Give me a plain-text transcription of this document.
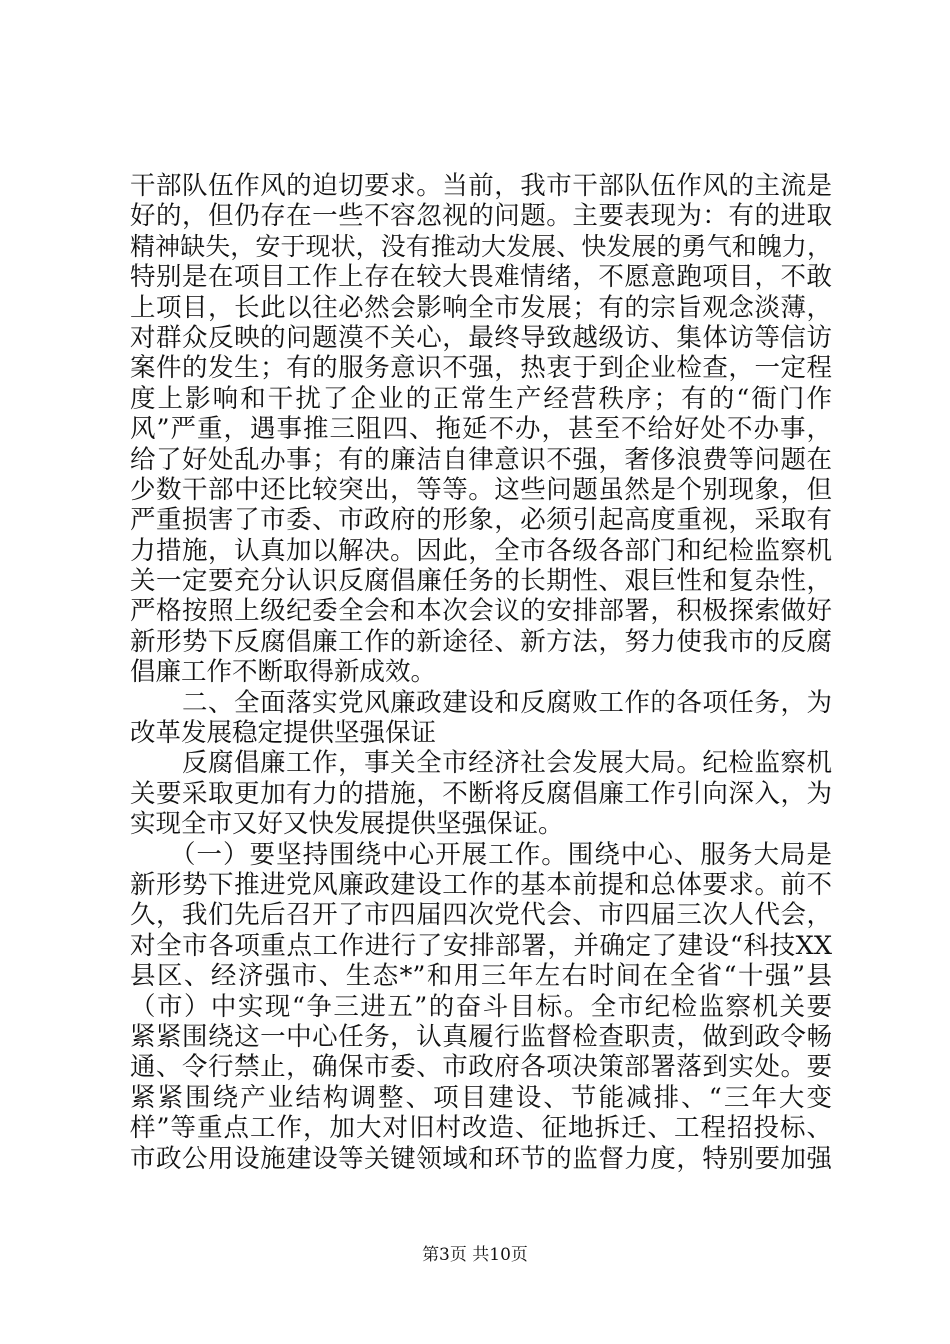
干部队伍作风的迫切要求。当前，我市干部队伍作风的主流是
好的，但仍存在一些不容忽视的问题。主要表现为：有的进取
精神缺失，安于现状，没有推动大发展、快发展的勇气和魄力，
特别是在项目工作上存在较大畏难情绪，不愿意跑项目，不敢
上项目，长此以往必然会影响全市发展；有的宗旨观念淡薄，
对群众反映的问题漠不关心，最终导致越级访、集体访等信访
案件的发生；有的服务意识不强，热衷于到企业检查，一定程
度上影响和干扰了企业的正常生产经营秩序；有的“衙门作
风”严重，遇事推三阻四、拖延不办，甚至不给好处不办事，
给了好处乱办事；有的廉洁自律意识不强，奢侈浪费等问题在
少数干部中还比较突出，等等。这些问题虽然是个别现象，但
严重损害了市委、市政府的形象，必须引起高度重视，采取有
力措施，认真加以解决。因此，全市各级各部门和纪检监察机
关一定要充分认识反腐倡廉任务的长期性、艰巨性和复杂性，
严格按照上级纪委全会和本次会议的安排部署，积极探索做好
新形势下反腐倡廉工作的新途径、新方法，努力使我市的反腐
倡廉工作不断取得新成效。
二、全面落实党风廉政建设和反腐败工作的各项任务，为
改革发展稳定提供坚强保证
反腐倡廉工作，事关全市经济社会发展大局。纪检监察机
关要采取更加有力的措施，不断将反腐倡廉工作引向深入，为
实现全市又好又快发展提供坚强保证。
（一）要坚持围绕中心开展工作。围绕中心、服务大局是
新形势下推进党风廉政建设工作的基本前提和总体要求。前不
久，我们先后召开了市四届四次党代会、市四届三次人代会，
对全市各项重点工作进行了安排部署，并确定了建设“科技XX
县区、经济强市、生态*”和用三年左右时间在全省“十强”县
（市）中实现“争三进五”的奋斗目标。全市纪检监察机关要
紧紧围绕这一中心任务，认真履行监督检查职责，做到政令畅
通、令行禁止，确保市委、市政府各项决策部署落到实处。要
紧紧围绕产业结构调整、项目建设、节能减排、“三年大变
样”等重点工作，加大对旧村改造、征地拆迁、工程招投标、
市政公用设施建设等关键领域和环节的监督力度，特别要加强
第3页 共10页
